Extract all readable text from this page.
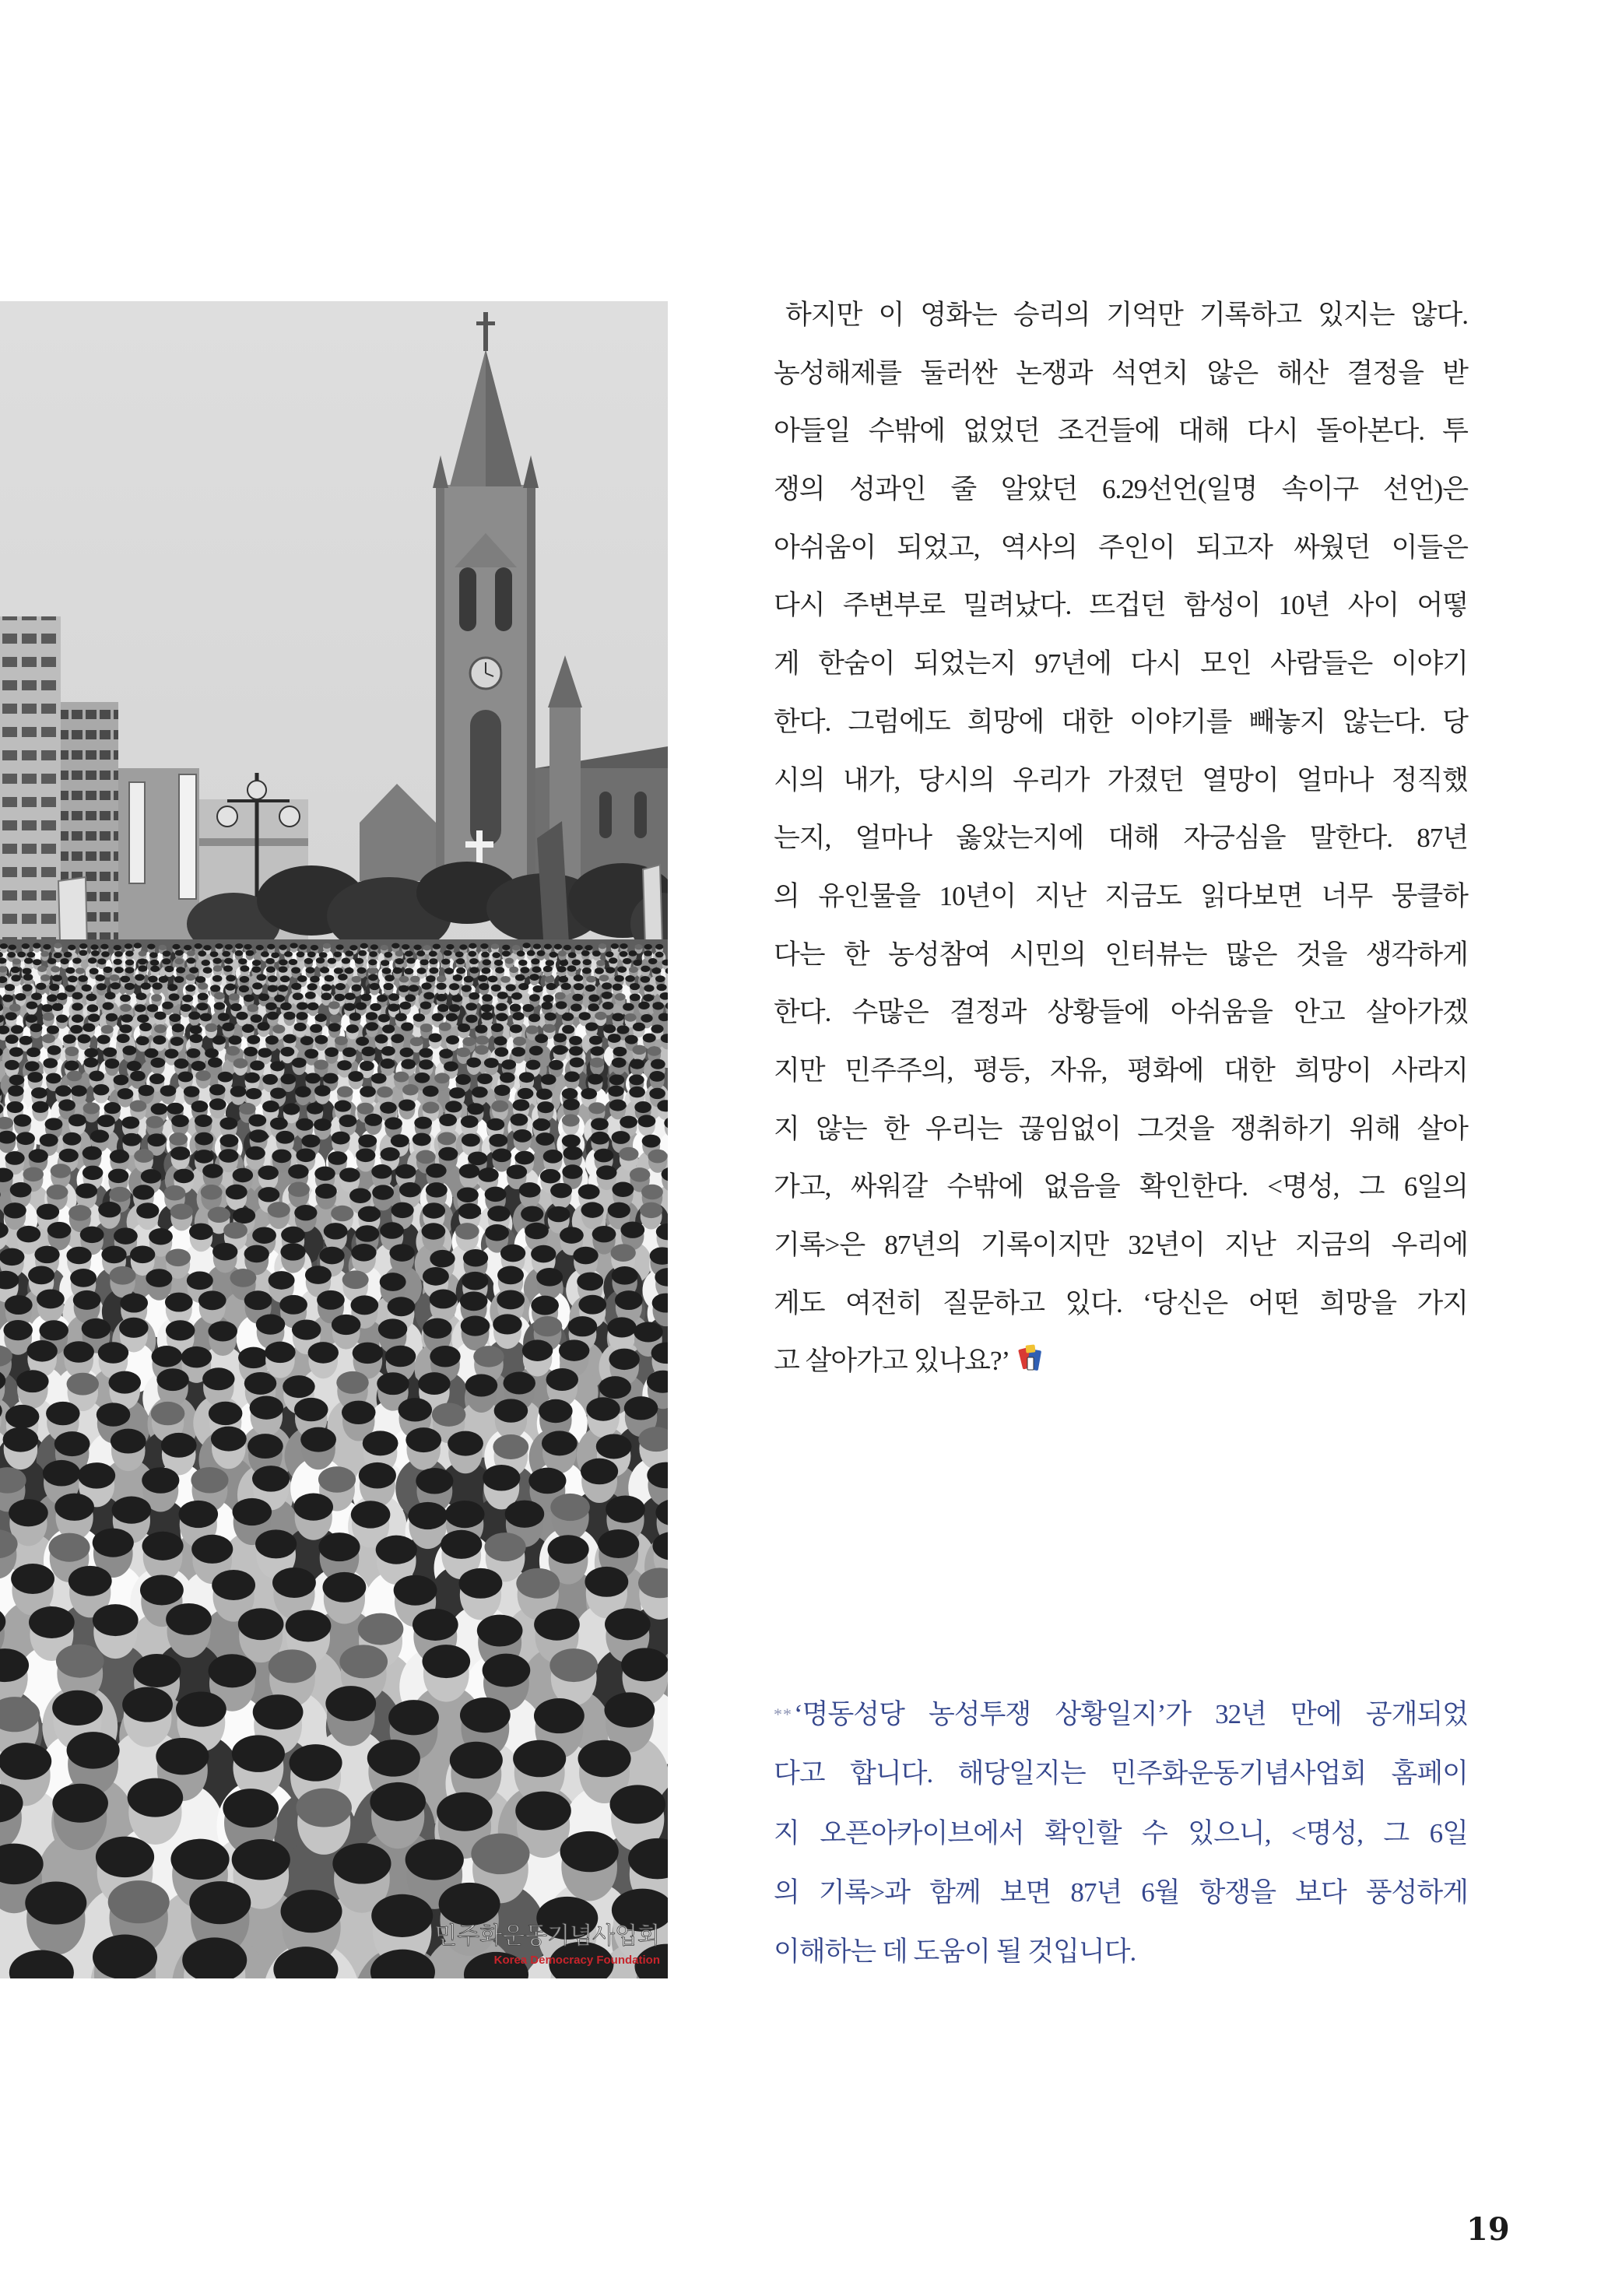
민주화운동기념사업회
Korea Democracy Foundation
하지만 이 영화는 승리의 기억만 기록하고 있지는 않다.
농성해제를 둘러싼 논쟁과 석연치 않은 해산 결정을 받
아들일 수밖에 없었던 조건들에 대해 다시 돌아본다. 투
쟁의 성과인 줄 알았던 6.29선언(일명 속이구 선언)은
아쉬움이 되었고, 역사의 주인이 되고자 싸웠던 이들은
다시 주변부로 밀려났다. 뜨겁던 함성이 10년 사이 어떻
게 한숨이 되었는지 97년에 다시 모인 사람들은 이야기
한다. 그럼에도 희망에 대한 이야기를 빼놓지 않는다. 당
시의 내가, 당시의 우리가 가졌던 열망이 얼마나 정직했
는지, 얼마나 옳았는지에 대해 자긍심을 말한다. 87년
의 유인물을 10년이 지난 지금도 읽다보면 너무 뭉클하
다는 한 농성참여 시민의 인터뷰는 많은 것을 생각하게
한다. 수많은 결정과 상황들에 아쉬움을 안고 살아가겠
지만 민주주의, 평등, 자유, 평화에 대한 희망이 사라지
지 않는 한 우리는 끊임없이 그것을 쟁취하기 위해 살아
가고, 싸워갈 수밖에 없음을 확인한다. <명성, 그 6일의
기록>은 87년의 기록이지만 32년이 지난 지금의 우리에
게도 여전히 질문하고 있다. ‘당신은 어떤 희망을 가지
고 살아가고 있나요?’
**‘명동성당 농성투쟁 상황일지’가 32년 만에 공개되었
다고 합니다. 해당일지는 민주화운동기념사업회 홈페이
지 오픈아카이브에서 확인할 수 있으니, <명성, 그 6일
의 기록>과 함께 보면 87년 6월 항쟁을 보다 풍성하게
이해하는 데 도움이 될 것입니다.
19
